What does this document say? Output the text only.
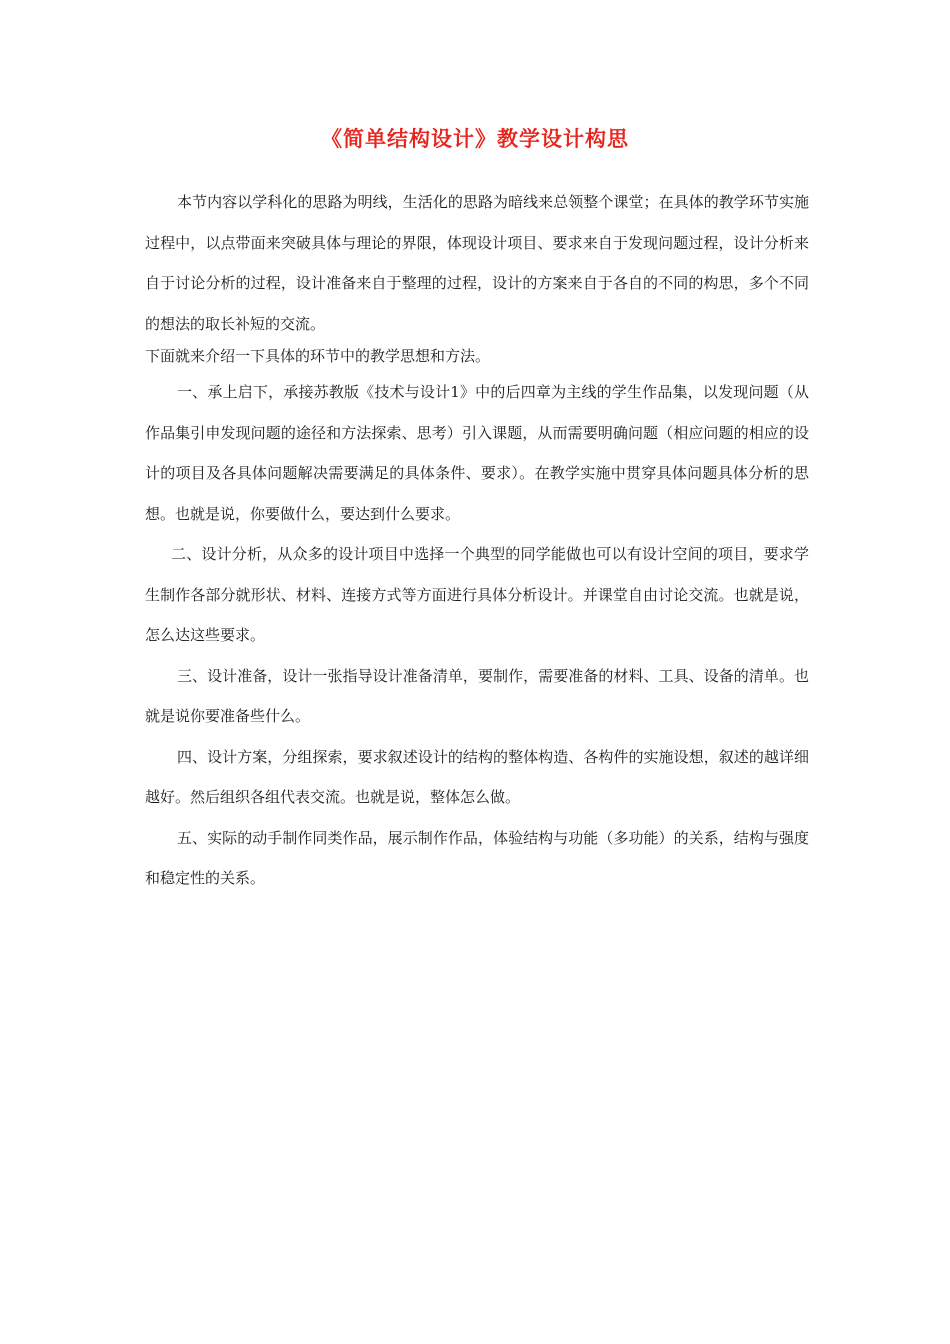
《简单结构设计》教学设计构思

本节内容以学科化的思路为明线，生活化的思路为暗线来总领整个课堂；在具体的教学环节实施过程中，以点带面来突破具体与理论的界限，体现设计项目、要求来自于发现问题过程，设计分析来自于讨论分析的过程，设计准备来自于整理的过程，设计的方案来自于各自的不同的构思，多个不同的想法的取长补短的交流。

下面就来介绍一下具体的环节中的教学思想和方法。

一、承上启下，承接苏教版《技术与设计1》中的后四章为主线的学生作品集，以发现问题（从作品集引申发现问题的途径和方法探索、思考）引入课题，从而需要明确问题（相应问题的相应的设计的项目及各具体问题解决需要满足的具体条件、要求）。在教学实施中贯穿具体问题具体分析的思想。也就是说，你要做什么，要达到什么要求。

二、设计分析，从众多的设计项目中选择一个典型的同学能做也可以有设计空间的项目，要求学生制作各部分就形状、材料、连接方式等方面进行具体分析设计。并课堂自由讨论交流。也就是说，怎么达这些要求。

三、设计准备，设计一张指导设计准备清单，要制作，需要准备的材料、工具、设备的清单。也就是说你要准备些什么。

四、设计方案，分组探索，要求叙述设计的结构的整体构造、各构件的实施设想，叙述的越详细越好。然后组织各组代表交流。也就是说，整体怎么做。

五、实际的动手制作同类作品，展示制作作品，体验结构与功能（多功能）的关系，结构与强度和稳定性的关系。
